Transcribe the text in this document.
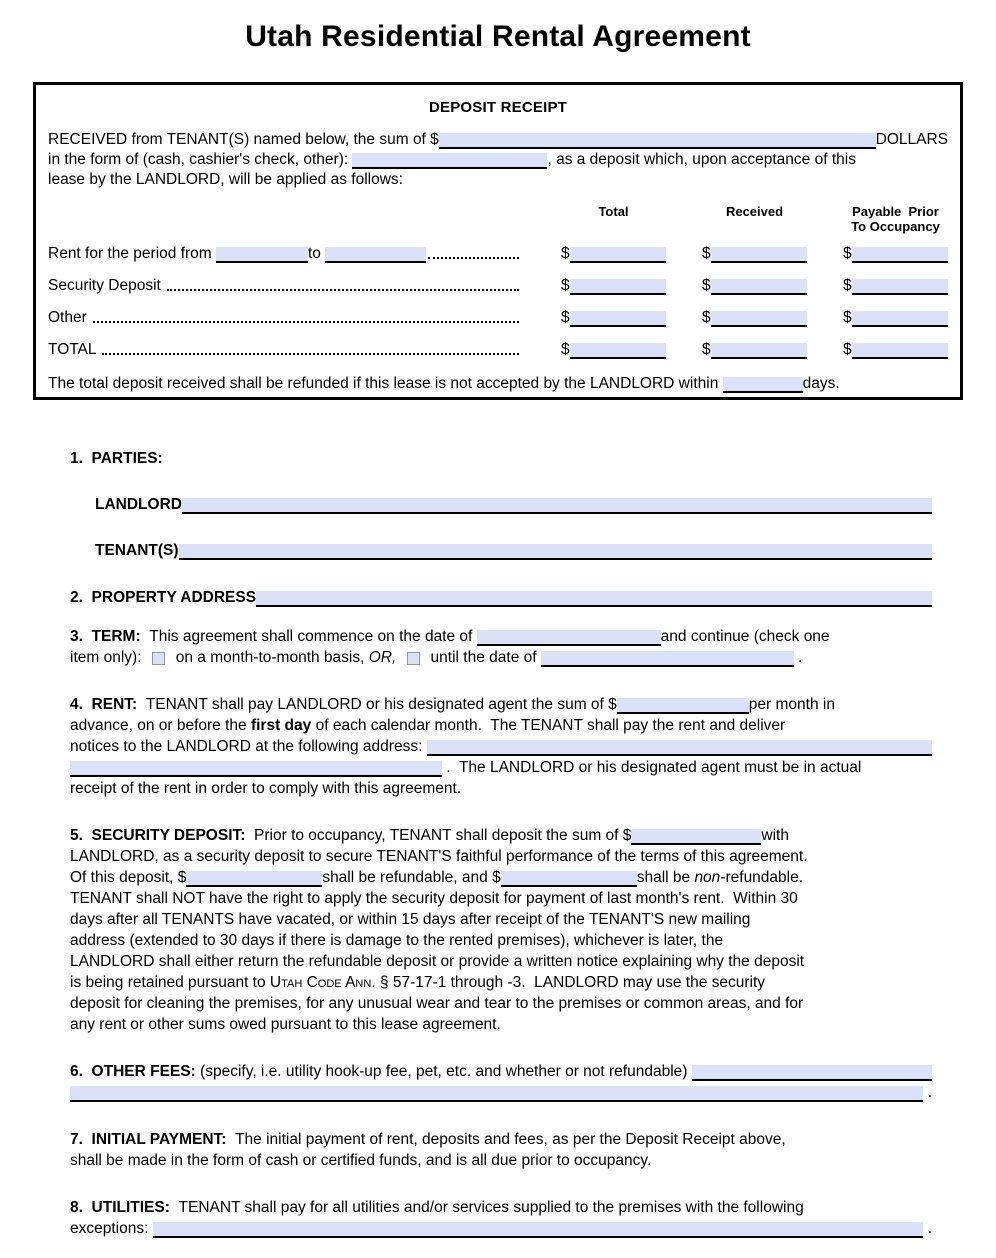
Utah Residential Rental Agreement
DEPOSIT RECEIPT
RECEIVED from TENANT(S) named below, the sum of $	DOLLARS
in the form of (cash, cashier's check, other):	, as a deposit which, upon acceptance of this
lease by the LANDLORD, will be applied as follows:
Total	Received	Payable  Prior
To Occupancy
Rent for the period from	to	$	$	$
Security Deposit	$	$	$
Other	$	$	$
TOTAL	$	$	$
The total deposit received shall be refunded if this lease is not accepted by the LANDLORD within	days.
1.  PARTIES:
LANDLORD
TENANT(S)
2.  PROPERTY ADDRESS
3.  TERM: This agreement shall commence on the date of	and continue (check one
item only): on a month-to-month basis, OR,
until the date of	.
4.  RENT: TENANT shall pay LANDLORD or his designated agent the sum of $	per month in
advance, on or before the first day of each calendar month.  The TENANT shall pay the rent and deliver
notices to the LANDLORD at the following address:
.  The LANDLORD or his designated agent must be in actual
receipt of the rent in order to comply with this agreement.
5.  SECURITY DEPOSIT: Prior to occupancy, TENANT shall deposit the sum of $	with
LANDLORD, as a security deposit to secure TENANT'S faithful performance of the terms of this agreement.
Of this deposit, $	shall be refundable, and $	shall be non -refundable.
TENANT shall NOT have the right to apply the security deposit for payment of last month's rent.  Within 30
days after all TENANTS have vacated, or within 15 days after receipt of the TENANT'S new mailing
address (extended to 30 days if there is damage to the rented premises), whichever is later, the
LANDLORD shall either return the refundable deposit or provide a written notice explaining why the deposit
is being retained pursuant to Utah Code Ann. § 57-17-1 through -3.  LANDLORD may use the security
deposit for cleaning the premises, for any unusual wear and tear to the premises or common areas, and for
any rent or other sums owed pursuant to this lease agreement.
6.  OTHER FEES: (specify, i.e. utility hook-up fee, pet, etc. and whether or not refundable)
.
7.  INITIAL PAYMENT: The initial payment of rent, deposits and fees, as per the Deposit Receipt above,
shall be made in the form of cash or certified funds, and is all due prior to occupancy.
8.  UTILITIES: TENANT shall pay for all utilities and/or services supplied to the premises with the following
exceptions:	.
